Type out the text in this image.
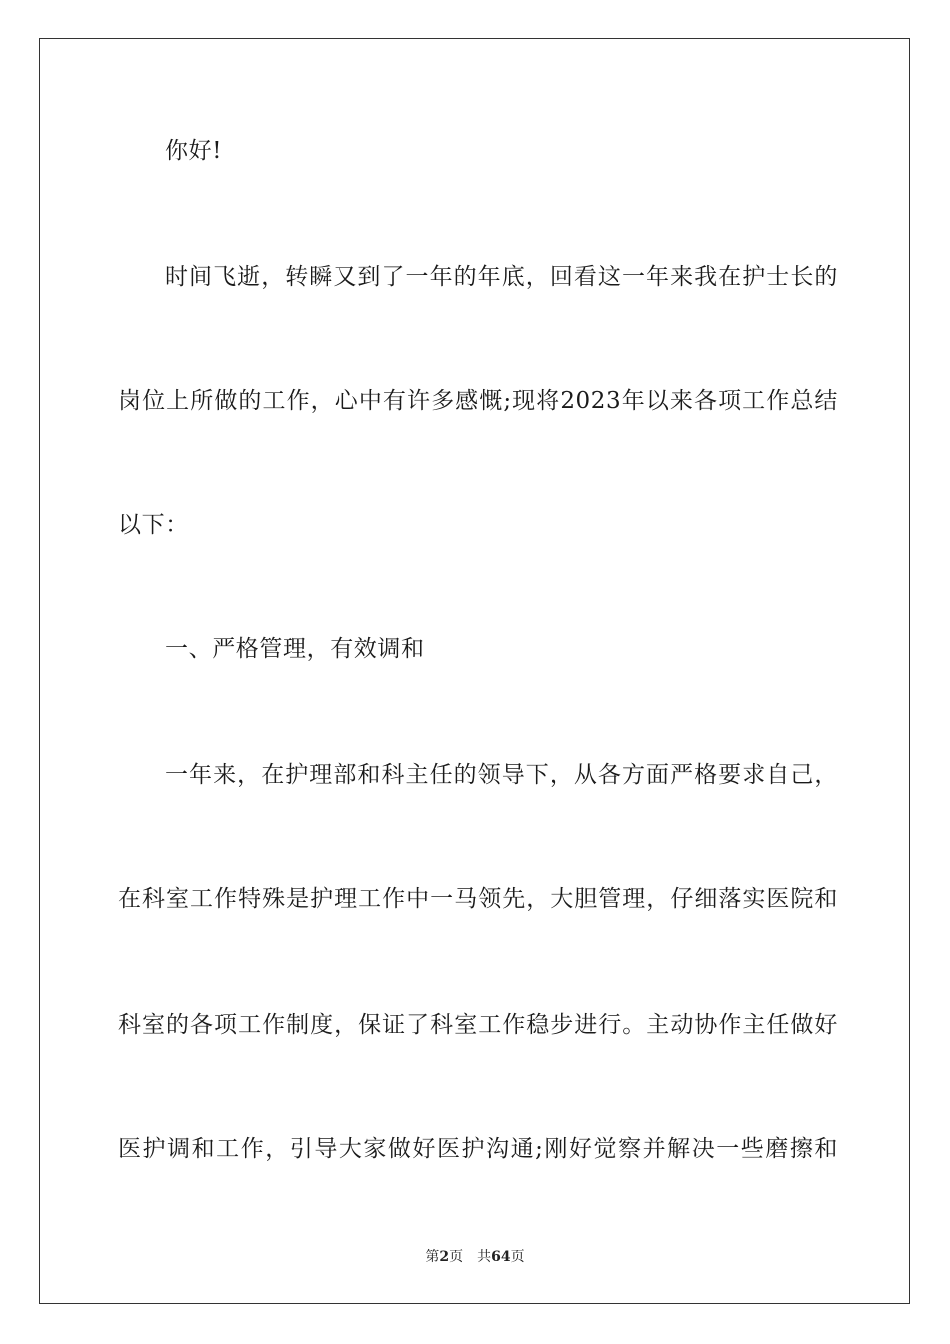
你好!
时间飞逝，转瞬又到了一年的年底，回看这一年来我在护士长的
岗位上所做的工作，心中有许多感慨;现将2023年以来各项工作总结
以下：
一、严格管理，有效调和
一年来，在护理部和科主任的领导下，从各方面严格要求自己，
在科室工作特殊是护理工作中一马领先，大胆管理，仔细落实医院和
科室的各项工作制度，保证了科室工作稳步进行。主动协作主任做好
医护调和工作，引导大家做好医护沟通;刚好觉察并解决一些磨擦和
第2页 共64页
